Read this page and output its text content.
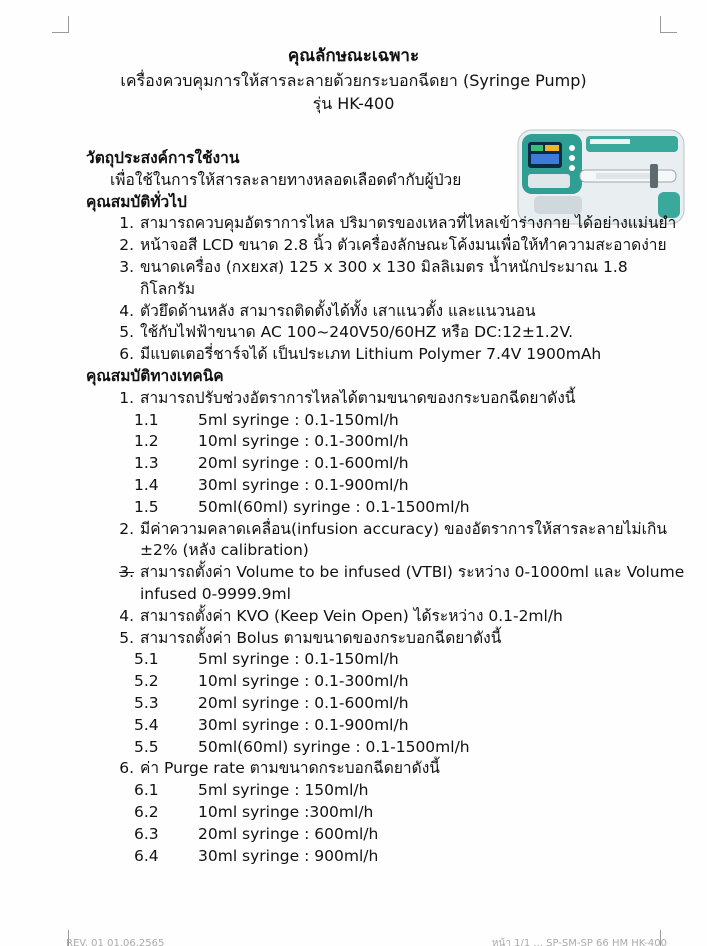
คุณลักษณะเฉพาะ
เครื่องควบคุมการให้สารละลายด้วยกระบอกฉีดยา (Syringe Pump)
รุ่น HK-400
วัตถุประสงค์การใช้งาน
เพื่อใช้ในการให้สารละลายทางหลอดเลือดดำกับผู้ป่วย
คุณสมบัติทั่วไป
1. สามารถควบคุมอัตราการไหล ปริมาตรของเหลวที่ไหลเข้าร่างกาย ได้อย่างแม่นยำ
2. หน้าจอสี LCD ขนาด 2.8 นิ้ว ตัวเครื่องลักษณะโค้งมนเพื่อให้ทำความสะอาดง่าย
3. ขนาดเครื่อง (กxยxส) 125 x 300 x 130 มิลลิเมตร น้ำหนักประมาณ 1.8 กิโลกรัม
4. ตัวยึดด้านหลัง สามารถติดตั้งได้ทั้ง เสาแนวตั้ง และแนวนอน
5. ใช้กับไฟฟ้าขนาด AC 100~240V50/60HZ หรือ DC:12±1.2V.
6. มีแบตเตอรี่ชาร์จได้ เป็นประเภท Lithium Polymer 7.4V 1900mAh
คุณสมบัติทางเทคนิค
1. สามารถปรับช่วงอัตราการไหลได้ตามขนาดของกระบอกฉีดยาดังนี้
1.1	5ml syringe : 0.1-150ml/h
1.2	10ml syringe : 0.1-300ml/h
1.3	20ml syringe : 0.1-600ml/h
1.4	30ml syringe : 0.1-900ml/h
1.5	50ml(60ml) syringe : 0.1-1500ml/h
2. มีค่าความคลาดเคลื่อน(infusion accuracy) ของอัตราการให้สารละลายไม่เกิน ±2% (หลัง calibration)
3. สามารถตั้งค่า Volume to be infused (VTBI) ระหว่าง 0-1000ml และ Volume infused 0-9999.9ml
4. สามารถตั้งค่า KVO (Keep Vein Open) ได้ระหว่าง 0.1-2ml/h
5. สามารถตั้งค่า Bolus ตามขนาดของกระบอกฉีดยาดังนี้
5.1	5ml syringe : 0.1-150ml/h
5.2	10ml syringe : 0.1-300ml/h
5.3	20ml syringe : 0.1-600ml/h
5.4	30ml syringe : 0.1-900ml/h
5.5	50ml(60ml) syringe : 0.1-1500ml/h
6. ค่า Purge rate ตามขนาดกระบอกฉีดยาดังนี้
6.1	5ml syringe : 150ml/h
6.2	10ml syringe :300ml/h
6.3	20ml syringe : 600ml/h
6.4	30ml syringe : 900ml/h
REV. 01 01.06.2565	หน้า 1/1 ... SP-SM-SP 66 HM HK-400
